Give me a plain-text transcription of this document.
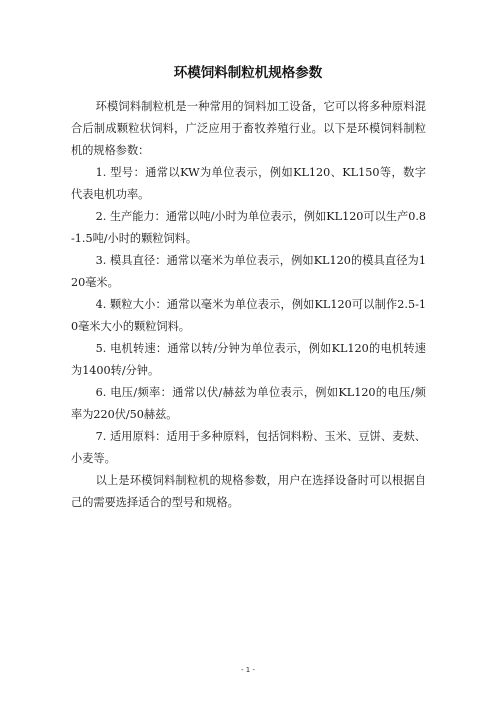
环模饲料制粒机规格参数

环模饲料制粒机是一种常用的饲料加工设备，它可以将多种原料混合后制成颗粒状饲料，广泛应用于畜牧养殖行业。以下是环模饲料制粒机的规格参数：

1. 型号：通常以KW为单位表示，例如KL120、KL150等，数字代表电机功率。

2. 生产能力：通常以吨/小时为单位表示，例如KL120可以生产0.8-1.5吨/小时的颗粒饲料。

3. 模具直径：通常以毫米为单位表示，例如KL120的模具直径为120毫米。

4. 颗粒大小：通常以毫米为单位表示，例如KL120可以制作2.5-10毫米大小的颗粒饲料。

5. 电机转速：通常以转/分钟为单位表示，例如KL120的电机转速为1400转/分钟。

6. 电压/频率：通常以伏/赫兹为单位表示，例如KL120的电压/频率为220伏/50赫兹。

7. 适用原料：适用于多种原料，包括饲料粉、玉米、豆饼、麦麸、小麦等。

以上是环模饲料制粒机的规格参数，用户在选择设备时可以根据自己的需要选择适合的型号和规格。

- 1 -
